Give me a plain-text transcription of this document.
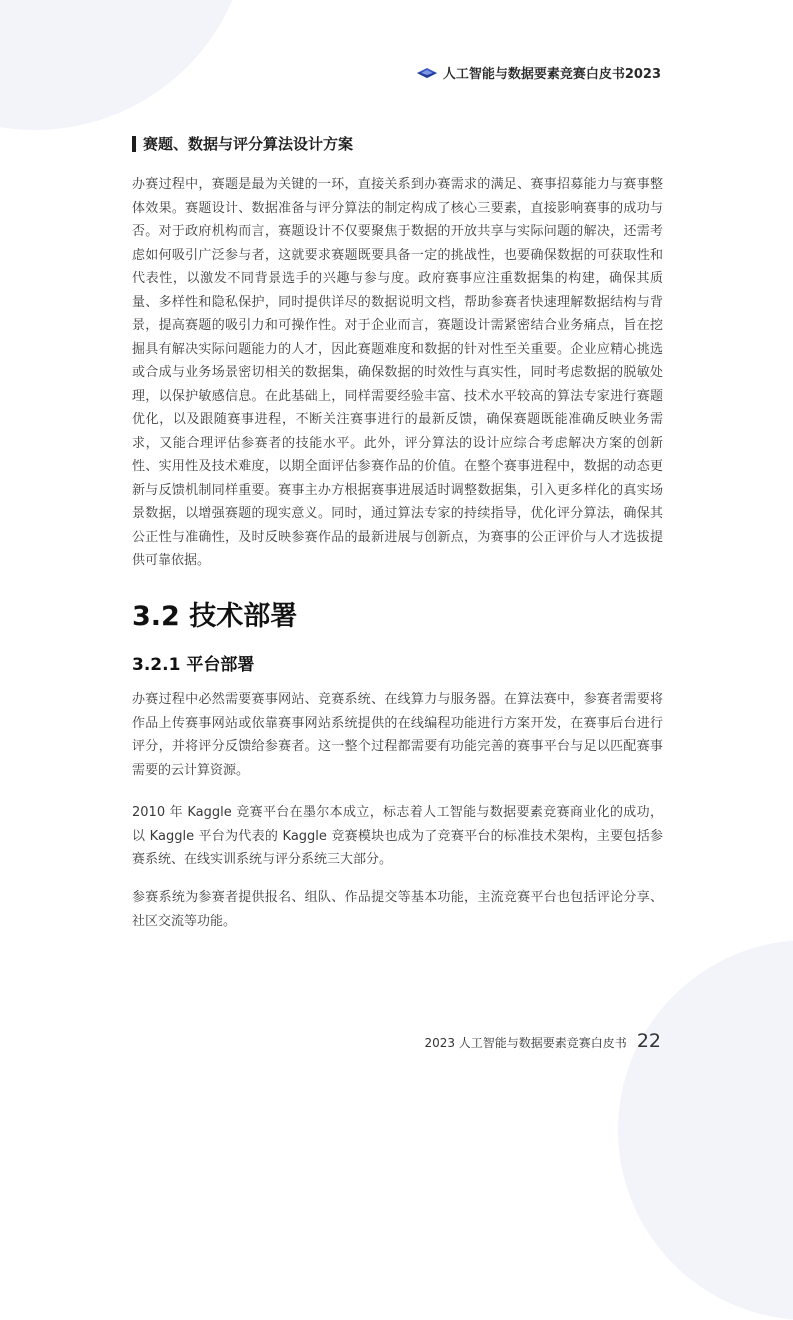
人工智能与数据要素竞赛白皮书2023
赛题、数据与评分算法设计方案

办赛过程中，赛题是最为关键的一环，直接关系到办赛需求的满足、赛事招募能力与赛事整体效果。赛题设计、数据准备与评分算法的制定构成了核心三要素，直接影响赛事的成功与否。对于政府机构而言，赛题设计不仅要聚焦于数据的开放共享与实际问题的解决，还需考虑如何吸引广泛参与者，这就要求赛题既要具备一定的挑战性，也要确保数据的可获取性和代表性，以激发不同背景选手的兴趣与参与度。政府赛事应注重数据集的构建，确保其质量、多样性和隐私保护，同时提供详尽的数据说明文档，帮助参赛者快速理解数据结构与背景，提高赛题的吸引力和可操作性。对于企业而言，赛题设计需紧密结合业务痛点，旨在挖掘具有解决实际问题能力的人才，因此赛题难度和数据的针对性至关重要。企业应精心挑选或合成与业务场景密切相关的数据集，确保数据的时效性与真实性，同时考虑数据的脱敏处理，以保护敏感信息。在此基础上，同样需要经验丰富、技术水平较高的算法专家进行赛题优化，以及跟随赛事进程，不断关注赛事进行的最新反馈，确保赛题既能准确反映业务需求，又能合理评估参赛者的技能水平。此外，评分算法的设计应综合考虑解决方案的创新性、实用性及技术难度，以期全面评估参赛作品的价值。在整个赛事进程中，数据的动态更新与反馈机制同样重要。赛事主办方根据赛事进展适时调整数据集，引入更多样化的真实场景数据，以增强赛题的现实意义。同时，通过算法专家的持续指导，优化评分算法，确保其公正性与准确性，及时反映参赛作品的最新进展与创新点，为赛事的公正评价与人才选拔提供可靠依据。

3.2 技术部署
3.2.1 平台部署

办赛过程中必然需要赛事网站、竞赛系统、在线算力与服务器。在算法赛中，参赛者需要将作品上传赛事网站或依靠赛事网站系统提供的在线编程功能进行方案开发，在赛事后台进行评分，并将评分反馈给参赛者。这一整个过程都需要有功能完善的赛事平台与足以匹配赛事需要的云计算资源。

2010 年 Kaggle 竞赛平台在墨尔本成立，标志着人工智能与数据要素竞赛商业化的成功，以 Kaggle 平台为代表的 Kaggle 竞赛模块也成为了竞赛平台的标准技术架构，主要包括参赛系统、在线实训系统与评分系统三大部分。

参赛系统为参赛者提供报名、组队、作品提交等基本功能，主流竞赛平台也包括评论分享、社区交流等功能。

2023 人工智能与数据要素竞赛白皮书 22
